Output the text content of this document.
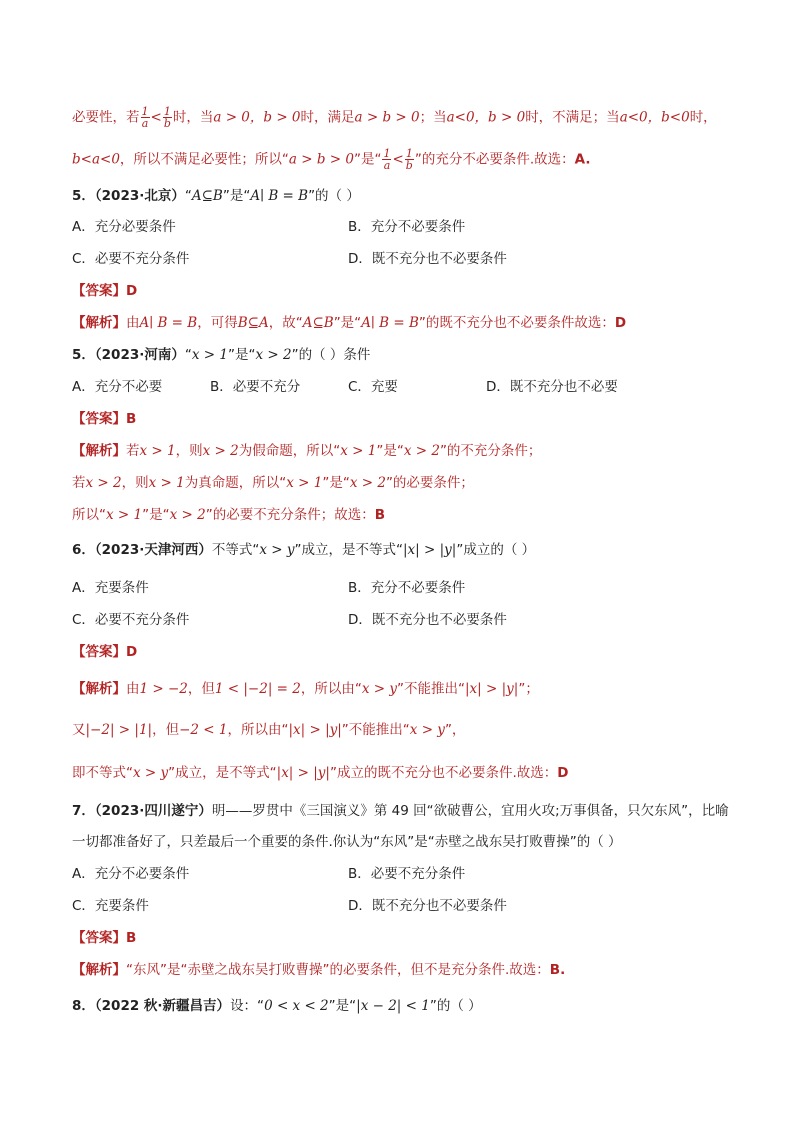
必要性，若 $\frac{1}{a} < \frac{1}{b}$ 时，当a > 0，b > 0时，满足a > b > 0；当a<0，b > 0时，不满足；当a<0，b<0时，
b<a<0，所以不满足必要性；所以“a > b > 0”是“ $\frac{1}{a} < \frac{1}{b}$ ”的充分不必要条件.故选：A.
5．（2023·北京）“A⊆B”是“A∣ B = B”的（ ）
A．充分必要条件	B．充分不必要条件
C．必要不充分条件	D．既不充分也不必要条件
【答案】D
【解析】由A∣ B = B，可得B⊆A，故“A⊆B”是“A∣ B = B”的既不充分也不必要条件故选：D
5．（2023·河南）“x > 1”是“x > 2”的（ ）条件
A．充分不必要	B．必要不充分	C．充要	D．既不充分也不必要
【答案】B
【解析】若x > 1，则x > 2为假命题，所以“x > 1”是“x > 2”的不充分条件；
若x > 2，则x > 1为真命题，所以“x > 1”是“x > 2”的必要条件；
所以“x > 1”是“x > 2”的必要不充分条件；故选：B
6．（2023·天津河西）不等式“x > y”成立，是不等式“|x| > |y|”成立的（ ）
A．充要条件	B．充分不必要条件
C．必要不充分条件	D．既不充分也不必要条件
【答案】D
【解析】由1 > −2，但1 < |−2| = 2，所以由“x > y”不能推出“|x| > |y|”；
又|−2| > |1|，但−2 < 1，所以由“|x| > |y|”不能推出“x > y”，
即不等式“x > y”成立，是不等式“|x| > |y|”成立的既不充分也不必要条件.故选：D
7．（2023·四川遂宁）明——罗贯中《三国演义》第 49 回“欲破曹公，宜用火攻;万事俱备，只欠东风”，比喻
一切都准备好了，只差最后一个重要的条件.你认为“东风”是“赤壁之战东吴打败曹操”的（ ）
A．充分不必要条件	B．必要不充分条件
C．充要条件	D．既不充分也不必要条件
【答案】B
【解析】“东风”是“赤壁之战东吴打败曹操”的必要条件，但不是充分条件.故选：B.
8．（2022 秋·新疆昌吉）设：“0 < x < 2”是“|x − 2| < 1”的（ ）
